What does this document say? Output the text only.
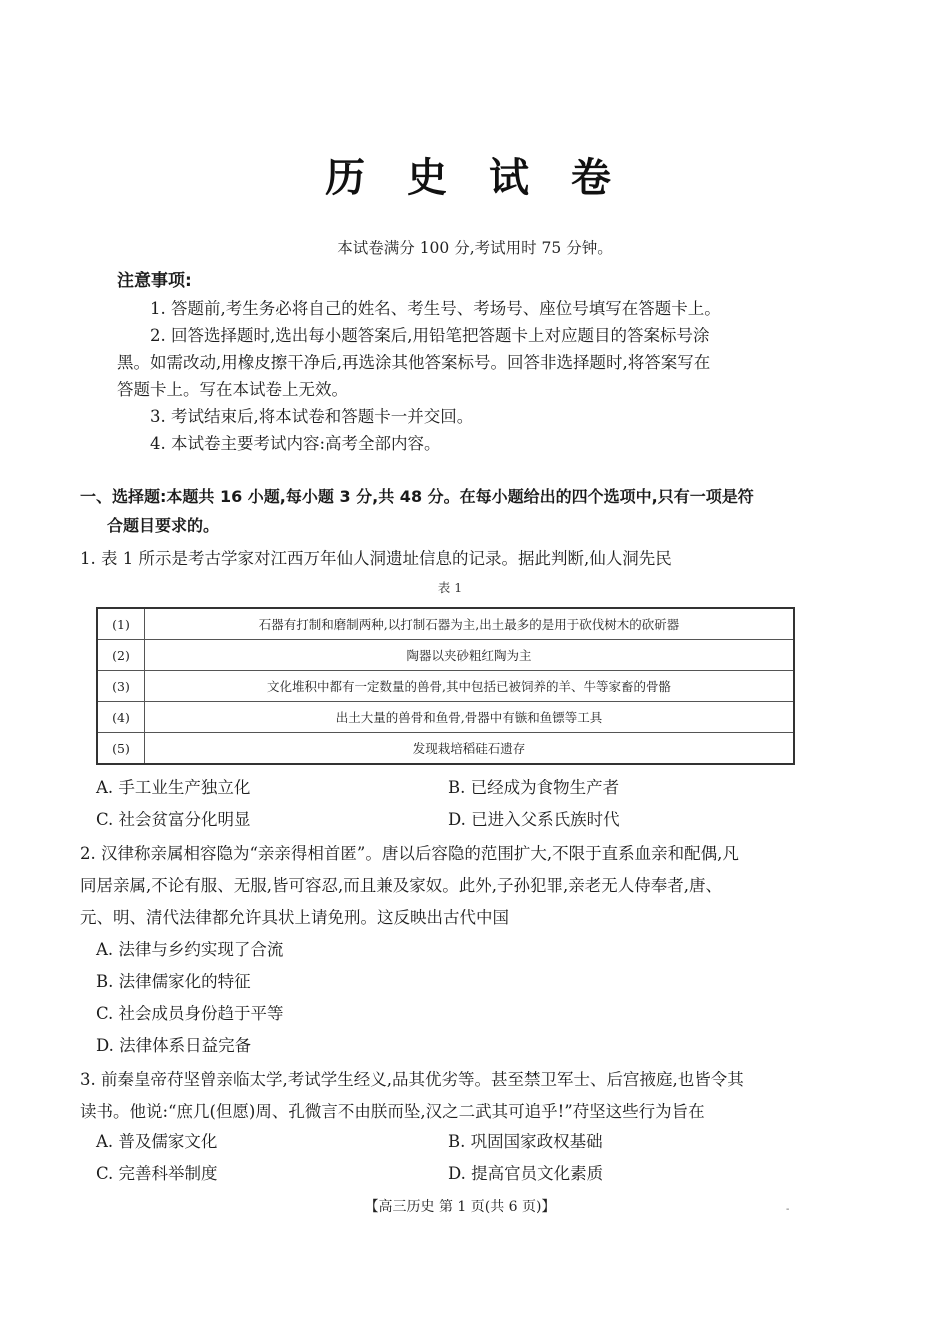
历 史 试 卷
本试卷满分 100 分,考试用时 75 分钟。
注意事项:
1. 答题前,考生务必将自己的姓名、考生号、考场号、座位号填写在答题卡上。
2. 回答选择题时,选出每小题答案后,用铅笔把答题卡上对应题目的答案标号涂
黑。如需改动,用橡皮擦干净后,再选涂其他答案标号。回答非选择题时,将答案写在
答题卡上。写在本试卷上无效。
3. 考试结束后,将本试卷和答题卡一并交回。
4. 本试卷主要考试内容:高考全部内容。
一、选择题:本题共 16 小题,每小题 3 分,共 48 分。在每小题给出的四个选项中,只有一项是符
合题目要求的。
1. 表 1 所示是考古学家对江西万年仙人洞遗址信息的记录。据此判断,仙人洞先民
表 1
(1)	石器有打制和磨制两种,以打制石器为主,出土最多的是用于砍伐树木的砍斫器
(2)	陶器以夹砂粗红陶为主
(3)	文化堆积中都有一定数量的兽骨,其中包括已被饲养的羊、牛等家畜的骨骼
(4)	出土大量的兽骨和鱼骨,骨器中有镞和鱼镖等工具
(5)	发现栽培稻硅石遗存
A. 手工业生产独立化	B. 已经成为食物生产者
C. 社会贫富分化明显	D. 已进入父系氏族时代
2. 汉律称亲属相容隐为“亲亲得相首匿”。唐以后容隐的范围扩大,不限于直系血亲和配偶,凡
同居亲属,不论有服、无服,皆可容忍,而且兼及家奴。此外,子孙犯罪,亲老无人侍奉者,唐、
元、明、清代法律都允许具状上请免刑。这反映出古代中国
A. 法律与乡约实现了合流
B. 法律儒家化的特征
C. 社会成员身份趋于平等
D. 法律体系日益完备
3. 前秦皇帝苻坚曾亲临太学,考试学生经义,品其优劣等。甚至禁卫军士、后宫掖庭,也皆令其
读书。他说:“庶几(但愿)周、孔微言不由朕而坠,汉之二武其可追乎!”苻坚这些行为旨在
A. 普及儒家文化	B. 巩固国家政权基础
C. 完善科举制度	D. 提高官员文化素质
【高三历史 第 1 页(共 6 页)】	-
